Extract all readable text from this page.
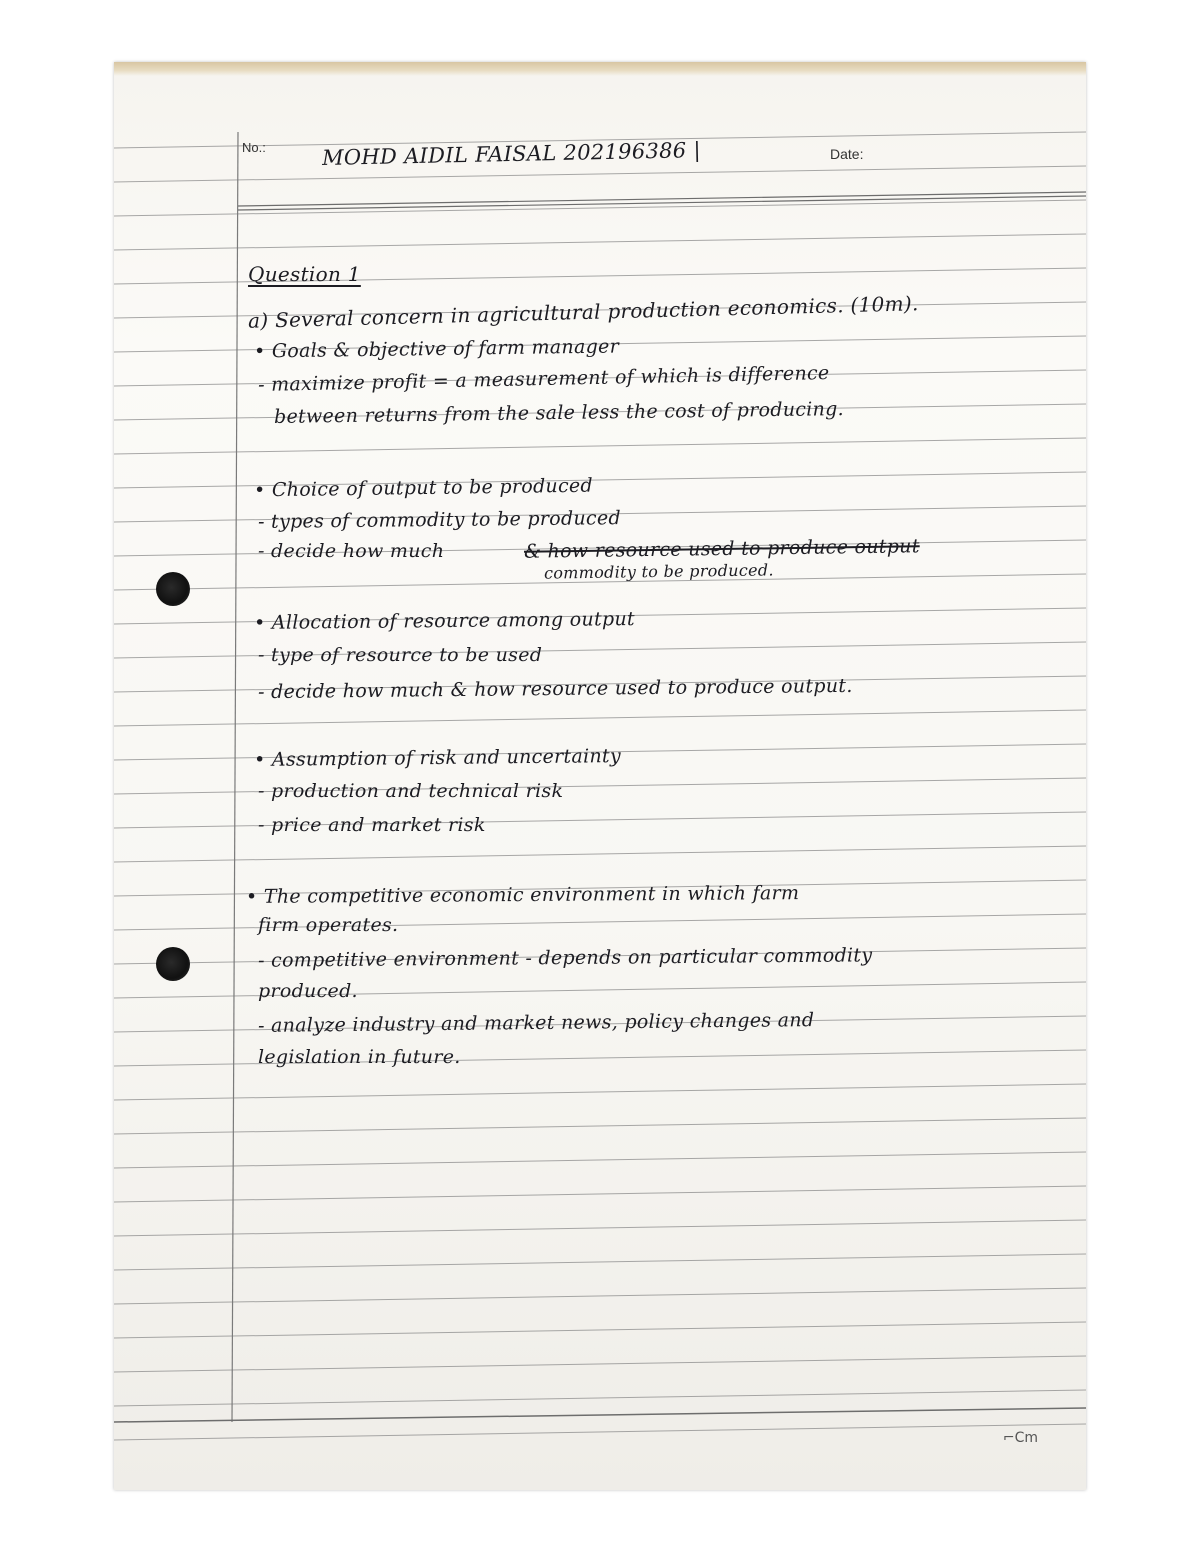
No.:	MOHD AIDIL FAISAL 202196386 |	Date:
Question 1
a) Several concern in agricultural production economics. (10m).
• Goals & objective of farm manager
- maximize profit = a measurement of which is difference
between returns from the sale less the cost of producing.
• Choice of output to be produced
- types of commodity to be produced
- decide how much	& how resource used to produce output
commodity to be produced.
• Allocation of resource among output
- type of resource to be used
- decide how much & how resource used to produce output.
• Assumption of risk and uncertainty
- production and technical risk
- price and market risk
• The competitive economic environment in which farm
firm operates.
- competitive environment - depends on particular commodity
produced.
- analyze industry and market news, policy changes and
legislation in future.
⌐Cm
